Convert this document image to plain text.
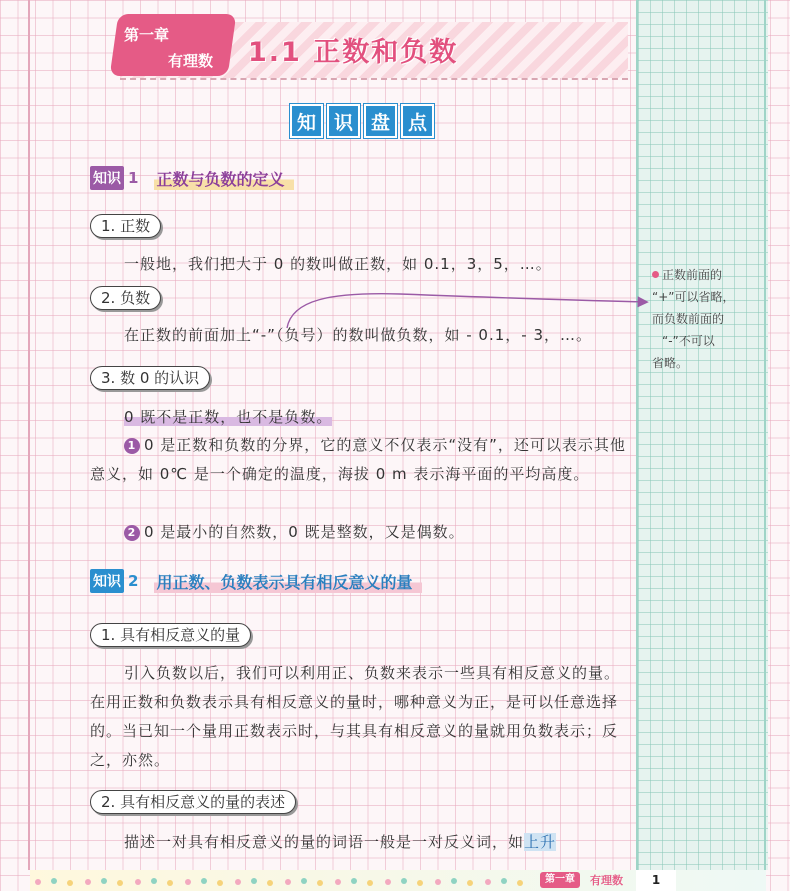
第一章
有理数 1.1 正数和负数
知 识 盘 点
知识 1 正数与负数的定义
1. 正数
一般地，我们把大于 0 的数叫做正数，如 0.1，3，5，…。
2. 负数
在正数的前面加上“-”（负号）的数叫做负数，如 - 0.1，- 3，…。
3. 数 0 的认识
0 既不是正数，也不是负数。
1 0 是正数和负数的分界，它的意义不仅表示“没有”，还可以表示其他意义，如 0℃ 是一个确定的温度，海拔 0 m 表示海平面的平均高度。
2 0 是最小的自然数，0 既是整数，又是偶数。
知识 2 用正数、负数表示具有相反意义的量
1. 具有相反意义的量
引入负数以后，我们可以利用正、负数来表示一些具有相反意义的量。在用正数和负数表示具有相反意义的量时，哪种意义为正，是可以任意选择的。当已知一个量用正数表示时，与其具有相反意义的量就用负数表示；反之，亦然。
2. 具有相反意义的量的表述
描述一对具有相反意义的量的词语一般是一对反义词，如上升
正数前面的
“+”可以省略，
而负数前面的
“-”不可以
省略。
第一章	有理数	1
